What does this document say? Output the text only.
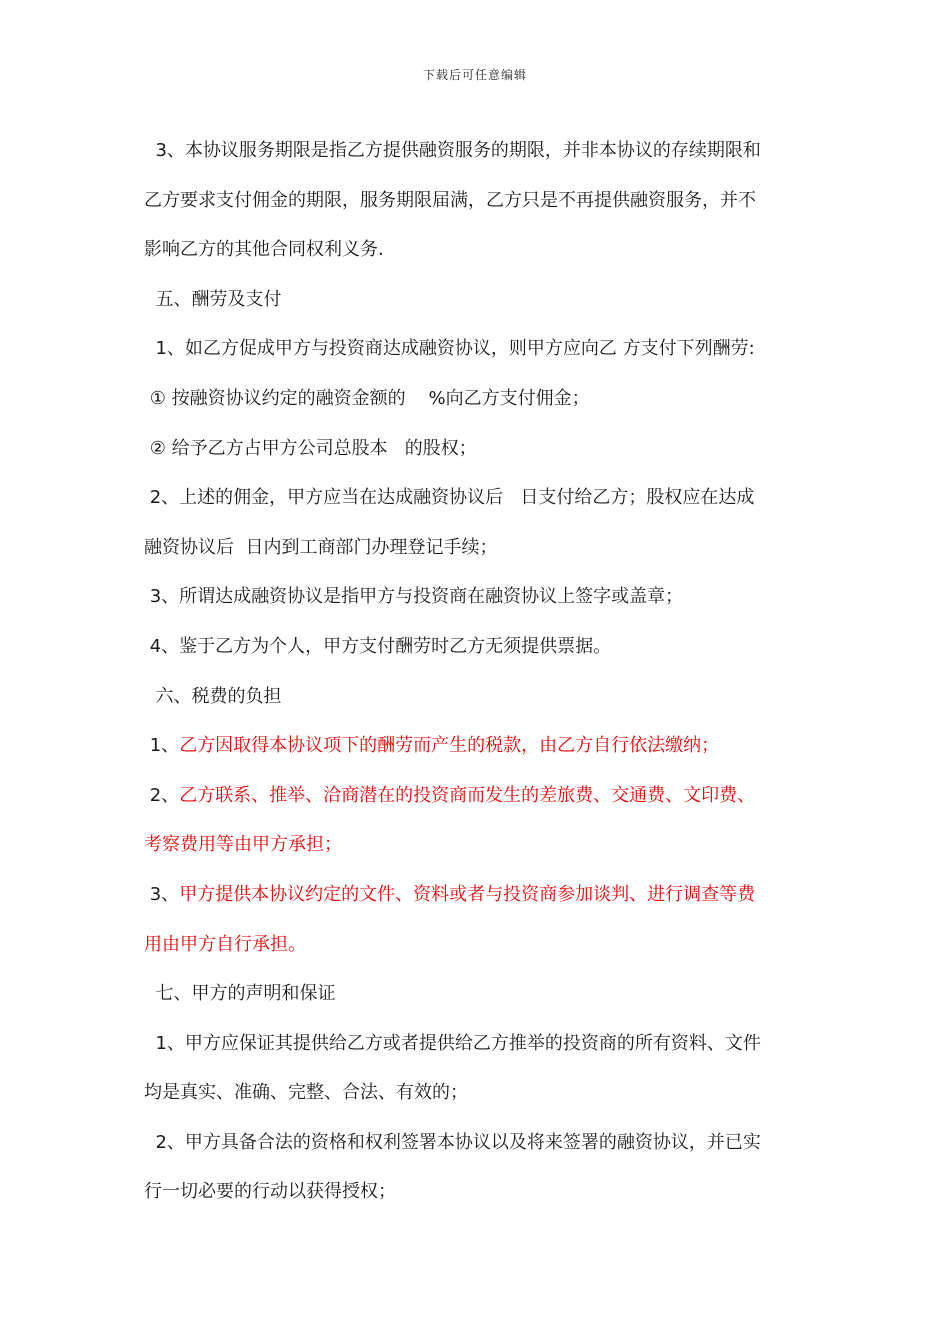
下载后可任意编辑
3、本协议服务期限是指乙方提供融资服务的期限，并非本协议的存续期限和
乙方要求支付佣金的期限，服务期限届满，乙方只是不再提供融资服务，并不
影响乙方的其他合同权利义务.
五、酬劳及支付
1、如乙方促成甲方与投资商达成融资协议，则甲方应向乙 方支付下列酬劳:
① 按融资协议约定的融资金额的    %向乙方支付佣金；
② 给予乙方占甲方公司总股本   的股权；
2、上述的佣金，甲方应当在达成融资协议后   日支付给乙方；股权应在达成
融资协议后  日内到工商部门办理登记手续；
3、所谓达成融资协议是指甲方与投资商在融资协议上签字或盖章；
4、鉴于乙方为个人，甲方支付酬劳时乙方无须提供票据。
六、税费的负担
1、乙方因取得本协议项下的酬劳而产生的税款，由乙方自行依法缴纳；
2、乙方联系、推举、洽商潜在的投资商而发生的差旅费、交通费、文印费、
考察费用等由甲方承担；
3、甲方提供本协议约定的文件、资料或者与投资商参加谈判、进行调查等费
用由甲方自行承担。
七、甲方的声明和保证
1、甲方应保证其提供给乙方或者提供给乙方推举的投资商的所有资料、文件
均是真实、准确、完整、合法、有效的；
2、甲方具备合法的资格和权利签署本协议以及将来签署的融资协议，并已实
行一切必要的行动以获得授权；
